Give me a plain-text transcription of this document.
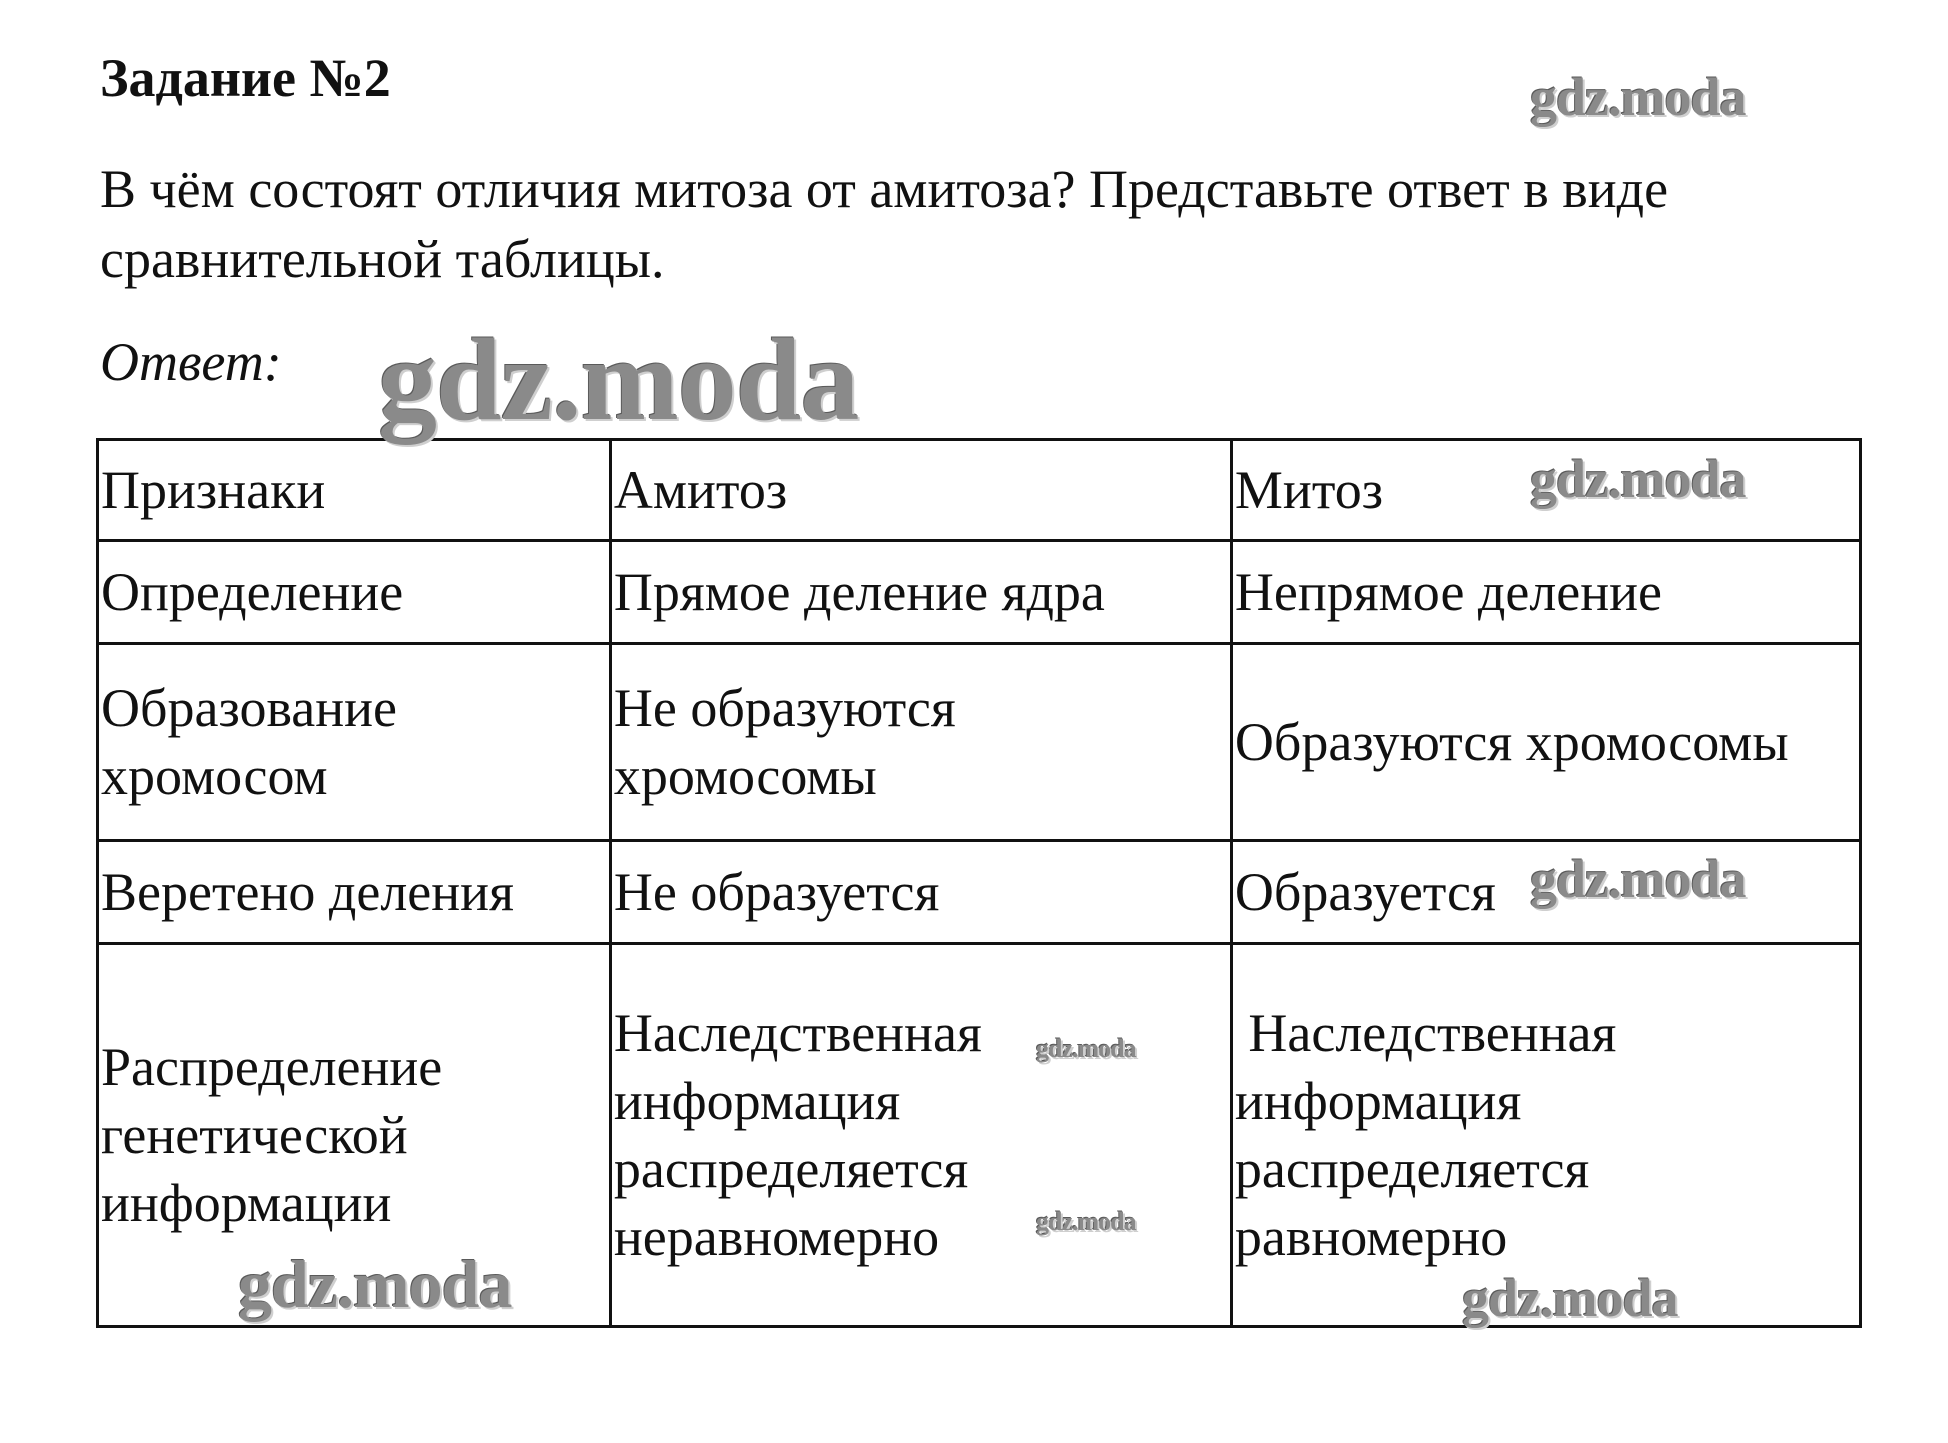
Задание №2

В чём состоят отличия митоза от амитоза? Представьте ответ в виде сравнительной таблицы.

Ответ:

Признаки	Амитоз	Митоз

Определение	Прямое деление ядра	Непрямое деление

Образование хромосом	Не образуются хромосомы	Образуются хромосомы

Веретено деления	Не образуется	Образуется

Распределение генетической информации	Наследственная информация распределяется неравномерно	Наследственная информация распределяется равномерно
gdz.moda
gdz.moda
gdz.moda
gdz.moda
gdz.moda
gdz.moda
gdz.moda	gdz.moda
